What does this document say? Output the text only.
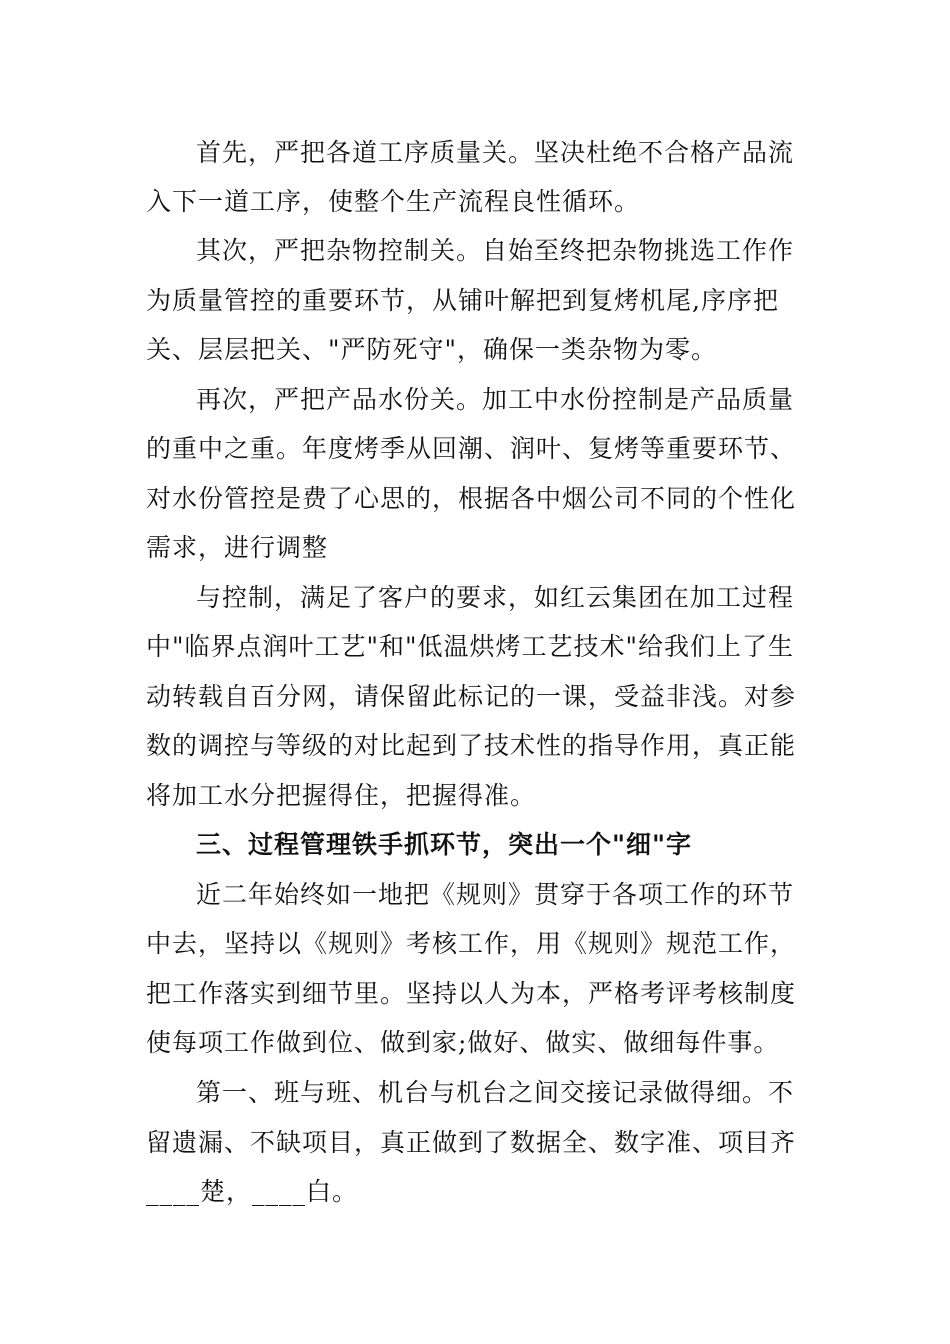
首先，严把各道工序质量关。坚决杜绝不合格产品流
入下一道工序，使整个生产流程良性循环。
其次，严把杂物控制关。自始至终把杂物挑选工作作
为质量管控的重要环节，从铺叶解把到复烤机尾,序序把
关、层层把关、"严防死守"，确保一类杂物为零。
再次，严把产品水份关。加工中水份控制是产品质量
的重中之重。年度烤季从回潮、润叶、复烤等重要环节、
对水份管控是费了心思的，根据各中烟公司不同的个性化
需求，进行调整
与控制，满足了客户的要求，如红云集团在加工过程
中"临界点润叶工艺"和"低温烘烤工艺技术"给我们上了生
动转载自百分网，请保留此标记的一课，受益非浅。对参
数的调控与等级的对比起到了技术性的指导作用，真正能
将加工水分把握得住，把握得准。
三、过程管理铁手抓环节，突出一个"细"字
近二年始终如一地把《规则》贯穿于各项工作的环节
中去，坚持以《规则》考核工作，用《规则》规范工作，
把工作落实到细节里。坚持以人为本，严格考评考核制度
使每项工作做到位、做到家;做好、做实、做细每件事。
第一、班与班、机台与机台之间交接记录做得细。不
留遗漏、不缺项目，真正做到了数据全、数字准、项目齐
____楚，____白。
